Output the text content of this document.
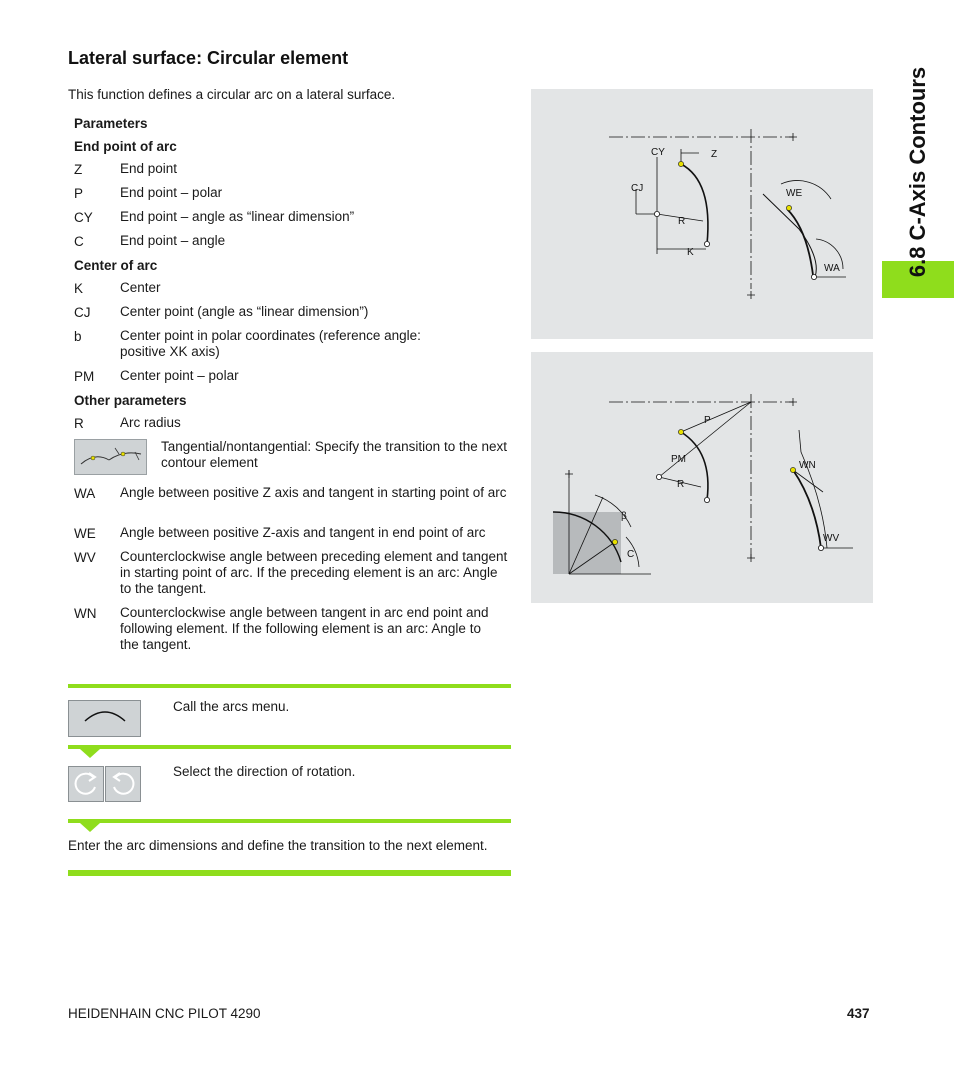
Lateral surface: Circular element
This function defines a circular arc on a lateral surface.
Parameters
End point of arc
Z	End point
P	End point – polar
CY End point – angle as “linear dimension”
C	End point – angle
Center of arc
K	Center
CJ Center point (angle as “linear dimension”)
b	Center point in polar coordinates (reference angle: positive XK axis)
PM Center point – polar
Other parameters
R	Arc radius
Tangential/nontangential: Specify the transition to the next contour element
WA Angle between positive Z axis and tangent in starting point of arc
WE Angle between positive Z-axis and tangent in end point of arc
WV Counterclockwise angle between preceding element and tangent in starting point of arc. If the preceding element is an arc: Angle to the tangent.
WN Counterclockwise angle between tangent in arc end point and following element. If the following element is an arc: Angle to the tangent.
CY	Z
CJ
R
K
WE
WA
P
PM
R
β
C
WN
WV
6.8 C-Axis Contours
Call the arcs menu.
Select the direction of rotation.
Enter the arc dimensions and define the transition to the next element.
HEIDENHAIN CNC PILOT 4290	437
